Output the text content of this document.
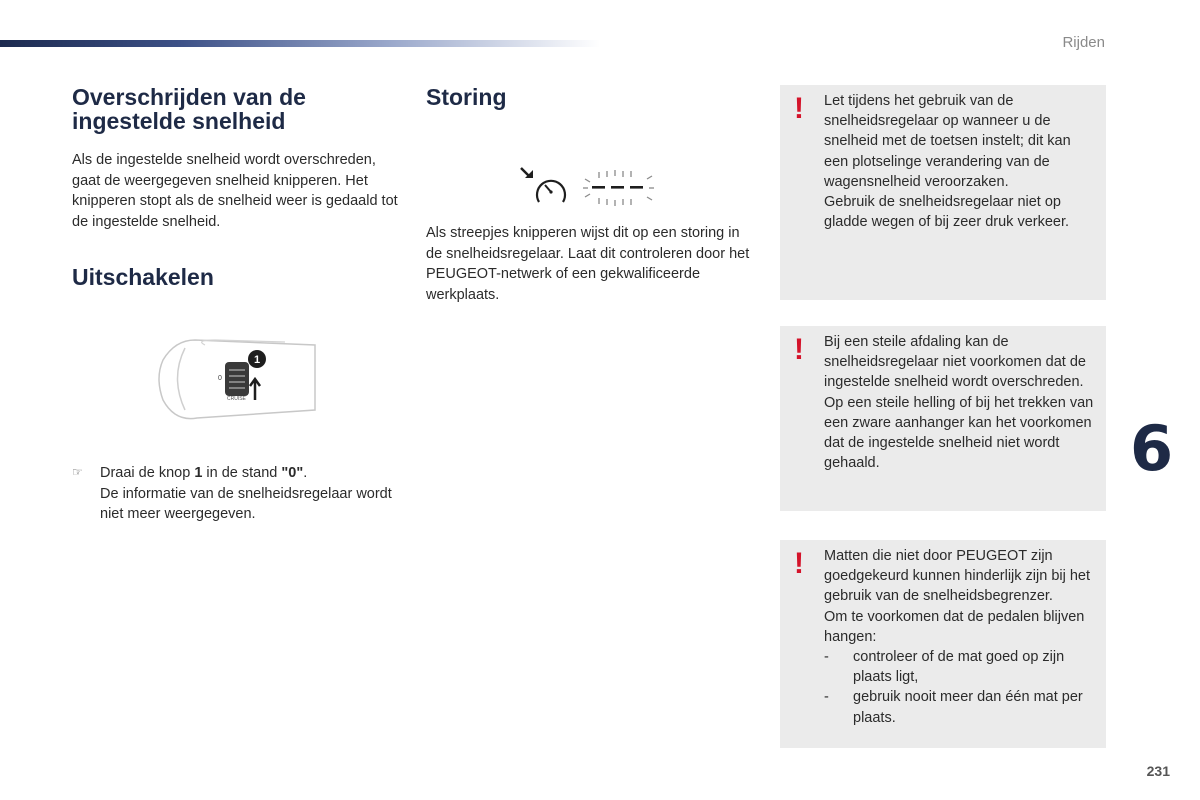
Rijden
Overschrijden van de ingestelde snelheid

Als de ingestelde snelheid wordt overschreden, gaat de weergegeven snelheid knipperen. Het knipperen stopt als de snelheid weer is gedaald tot de ingestelde snelheid.

Uitschakelen
1
0
CRUISE
☞ Draai de knop 1 in de stand "0".
De informatie van de snelheidsregelaar wordt niet meer weergegeven.
Storing

Als streepjes knipperen wijst dit op een storing in de snelheidsregelaar. Laat dit controleren door het PEUGEOT-netwerk of een gekwalificeerde werkplaats.

! Let tijdens het gebruik van de snelheidsregelaar op wanneer u de snelheid met de toetsen instelt; dit kan een plotselinge verandering van de wagensnelheid veroorzaken.
Gebruik de snelheidsregelaar niet op gladde wegen of bij zeer druk verkeer.
! Bij een steile afdaling kan de snelheidsregelaar niet voorkomen dat de ingestelde snelheid wordt overschreden.
Op een steile helling of bij het trekken van een zware aanhanger kan het voorkomen dat de ingestelde snelheid niet wordt gehaald.
! Matten die niet door PEUGEOT zijn goedgekeurd kunnen hinderlijk zijn bij het gebruik van de snelheidsbegrenzer.
Om te voorkomen dat de pedalen blijven hangen:
- controleer of de mat goed op zijn plaats ligt,
- gebruik nooit meer dan één mat per plaats.
6
231
